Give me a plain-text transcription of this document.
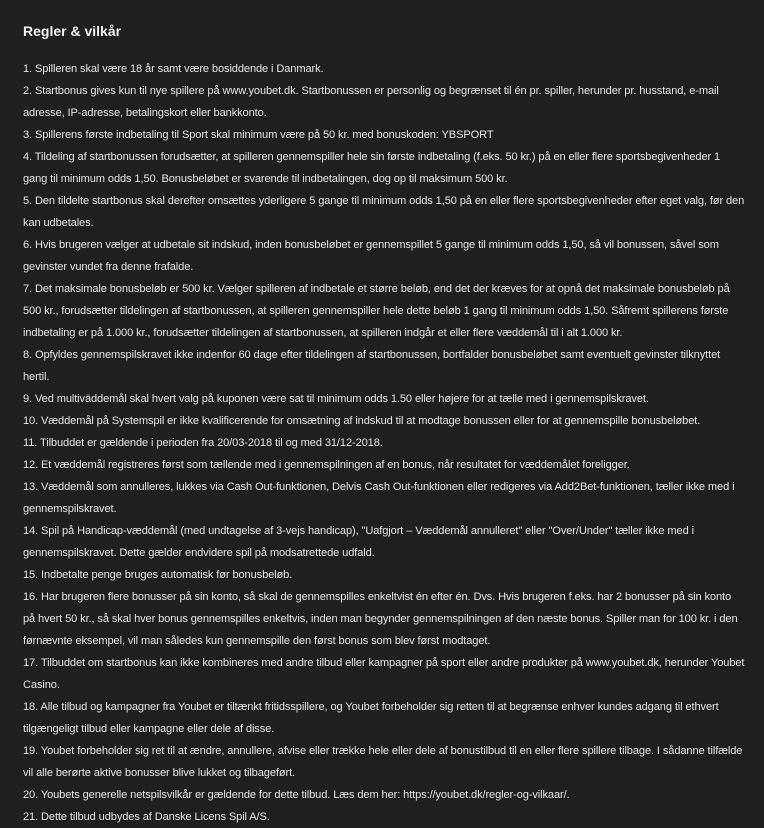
Regler & vilkår
1. Spilleren skal være 18 år samt være bosiddende i Danmark.
2. Startbonus gives kun til nye spillere på www.youbet.dk. Startbonussen er personlig og begrænset til én pr. spiller, herunder pr. husstand, e-mail adresse, IP-adresse, betalingskort eller bankkonto.
3. Spillerens første indbetaling til Sport skal minimum være på 50 kr. med bonuskoden: YBSPORT
4. Tildeling af startbonussen forudsætter, at spilleren gennemspiller hele sin første indbetaling (f.eks. 50 kr.) på en eller flere sportsbegivenheder 1 gang til minimum odds 1,50. Bonusbeløbet er svarende til indbetalingen, dog op til maksimum 500 kr.
5. Den tildelte startbonus skal derefter omsættes yderligere 5 gange til minimum odds 1,50 på en eller flere sportsbegivenheder efter eget valg, før den kan udbetales.
6. Hvis brugeren vælger at udbetale sit indskud, inden bonusbeløbet er gennemspillet 5 gange til minimum odds 1,50, så vil bonussen, såvel som gevinster vundet fra denne frafalde.
7. Det maksimale bonusbeløb er 500 kr. Vælger spilleren af indbetale et større beløb, end det der kræves for at opnå det maksimale bonusbeløb på 500 kr., forudsætter tildelingen af startbonussen, at spilleren gennemspiller hele dette beløb 1 gang til minimum odds 1,50. Såfremt spillerens første indbetaling er på 1.000 kr., forudsætter tildelingen af startbonussen, at spilleren indgår et eller flere væddemål til i alt 1.000 kr.
8. Opfyldes gennemspilskravet ikke indenfor 60 dage efter tildelingen af startbonussen, bortfalder bonusbeløbet samt eventuelt gevinster tilknyttet hertil.
9. Ved multiväddemål skal hvert valg på kuponen være sat til minimum odds 1.50 eller højere for at tælle med i gennemspilskravet.
10. Væddemål på Systemspil er ikke kvalificerende for omsætning af indskud til at modtage bonussen eller for at gennemspille bonusbeløbet.
11. Tilbuddet er gældende i perioden fra 20/03-2018 til og med 31/12-2018.
12. Et væddemål registreres først som tællende med i gennemspilningen af en bonus, når resultatet for væddemålet foreligger.
13. Væddemål som annulleres, lukkes via Cash Out-funktionen, Delvis Cash Out-funktionen eller redigeres via Add2Bet-funktionen, tæller ikke med i gennemspilskravet.
14. Spil på Handicap-væddemål (med undtagelse af 3-vejs handicap), "Uafgjort – Væddemål annulleret" eller "Over/Under" tæller ikke med i gennemspilskravet. Dette gælder endvidere spil på modsatrettede udfald.
15. Indbetalte penge bruges automatisk før bonusbeløb.
16. Har brugeren flere bonusser på sin konto, så skal de gennemspilles enkeltvist én efter én. Dvs. Hvis brugeren f.eks. har 2 bonusser på sin konto på hvert 50 kr., så skal hver bonus gennemspilles enkeltvis, inden man begynder gennemspilningen af den næste bonus. Spiller man for 100 kr. i den førnævnte eksempel, vil man således kun gennemspille den først bonus som blev først modtaget.
17. Tilbuddet om startbonus kan ikke kombineres med andre tilbud eller kampagner på sport eller andre produkter på www.youbet.dk, herunder Youbet Casino.
18. Alle tilbud og kampagner fra Youbet er tiltænkt fritidsspillere, og Youbet forbeholder sig retten til at begrænse enhver kundes adgang til ethvert tilgængeligt tilbud eller kampagne eller dele af disse.
19. Youbet forbeholder sig ret til at ændre, annullere, afvise eller trække hele eller dele af bonustilbud til en eller flere spillere tilbage. I sådanne tilfælde vil alle berørte aktive bonusser blive lukket og tilbageført.
20. Youbets generelle netspilsvilkår er gældende for dette tilbud. Læs dem her: https://youbet.dk/regler-og-vilkaar/.
21. Dette tilbud udbydes af Danske Licens Spil A/S.
